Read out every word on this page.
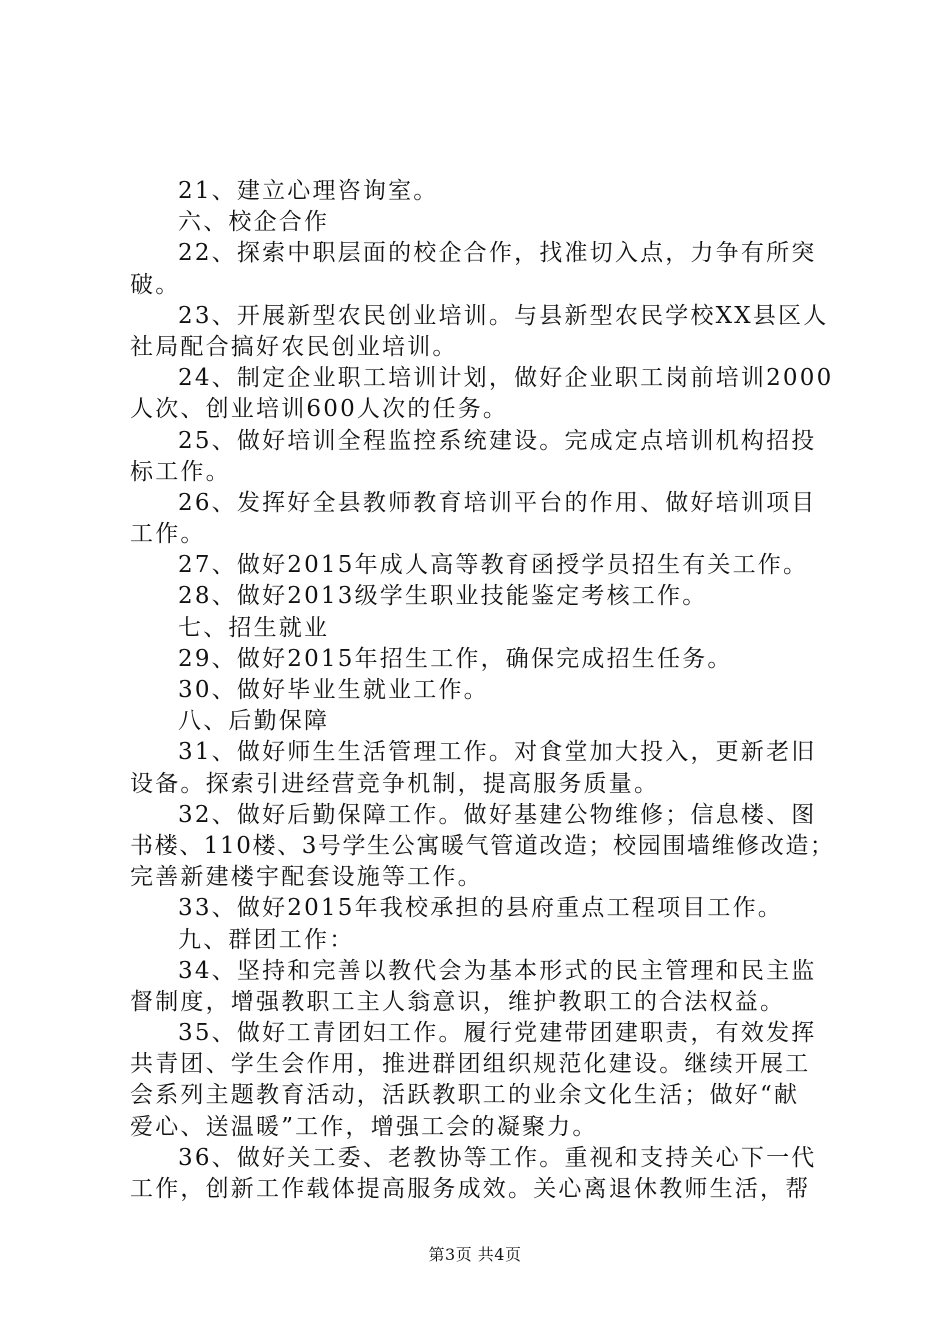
21、建立心理咨询室。
六、校企合作
22、探索中职层面的校企合作，找准切入点，力争有所突
破。
23、开展新型农民创业培训。与县新型农民学校XX县区人
社局配合搞好农民创业培训。
24、制定企业职工培训计划，做好企业职工岗前培训2000
人次、创业培训600人次的任务。
25、做好培训全程监控系统建设。完成定点培训机构招投
标工作。
26、发挥好全县教师教育培训平台的作用、做好培训项目
工作。
27、做好2015年成人高等教育函授学员招生有关工作。
28、做好2013级学生职业技能鉴定考核工作。
七、招生就业
29、做好2015年招生工作，确保完成招生任务。
30、做好毕业生就业工作。
八、后勤保障
31、做好师生生活管理工作。对食堂加大投入，更新老旧
设备。探索引进经营竞争机制，提高服务质量。
32、做好后勤保障工作。做好基建公物维修；信息楼、图
书楼、110楼、3号学生公寓暖气管道改造；校园围墙维修改造；
完善新建楼宇配套设施等工作。
33、做好2015年我校承担的县府重点工程项目工作。
九、群团工作：
34、坚持和完善以教代会为基本形式的民主管理和民主监
督制度，增强教职工主人翁意识，维护教职工的合法权益。
35、做好工青团妇工作。履行党建带团建职责，有效发挥
共青团、学生会作用，推进群团组织规范化建设。继续开展工
会系列主题教育活动，活跃教职工的业余文化生活；做好“献
爱心、送温暖”工作，增强工会的凝聚力。
36、做好关工委、老教协等工作。重视和支持关心下一代
工作，创新工作载体提高服务成效。关心离退休教师生活，帮
第3页 共4页
